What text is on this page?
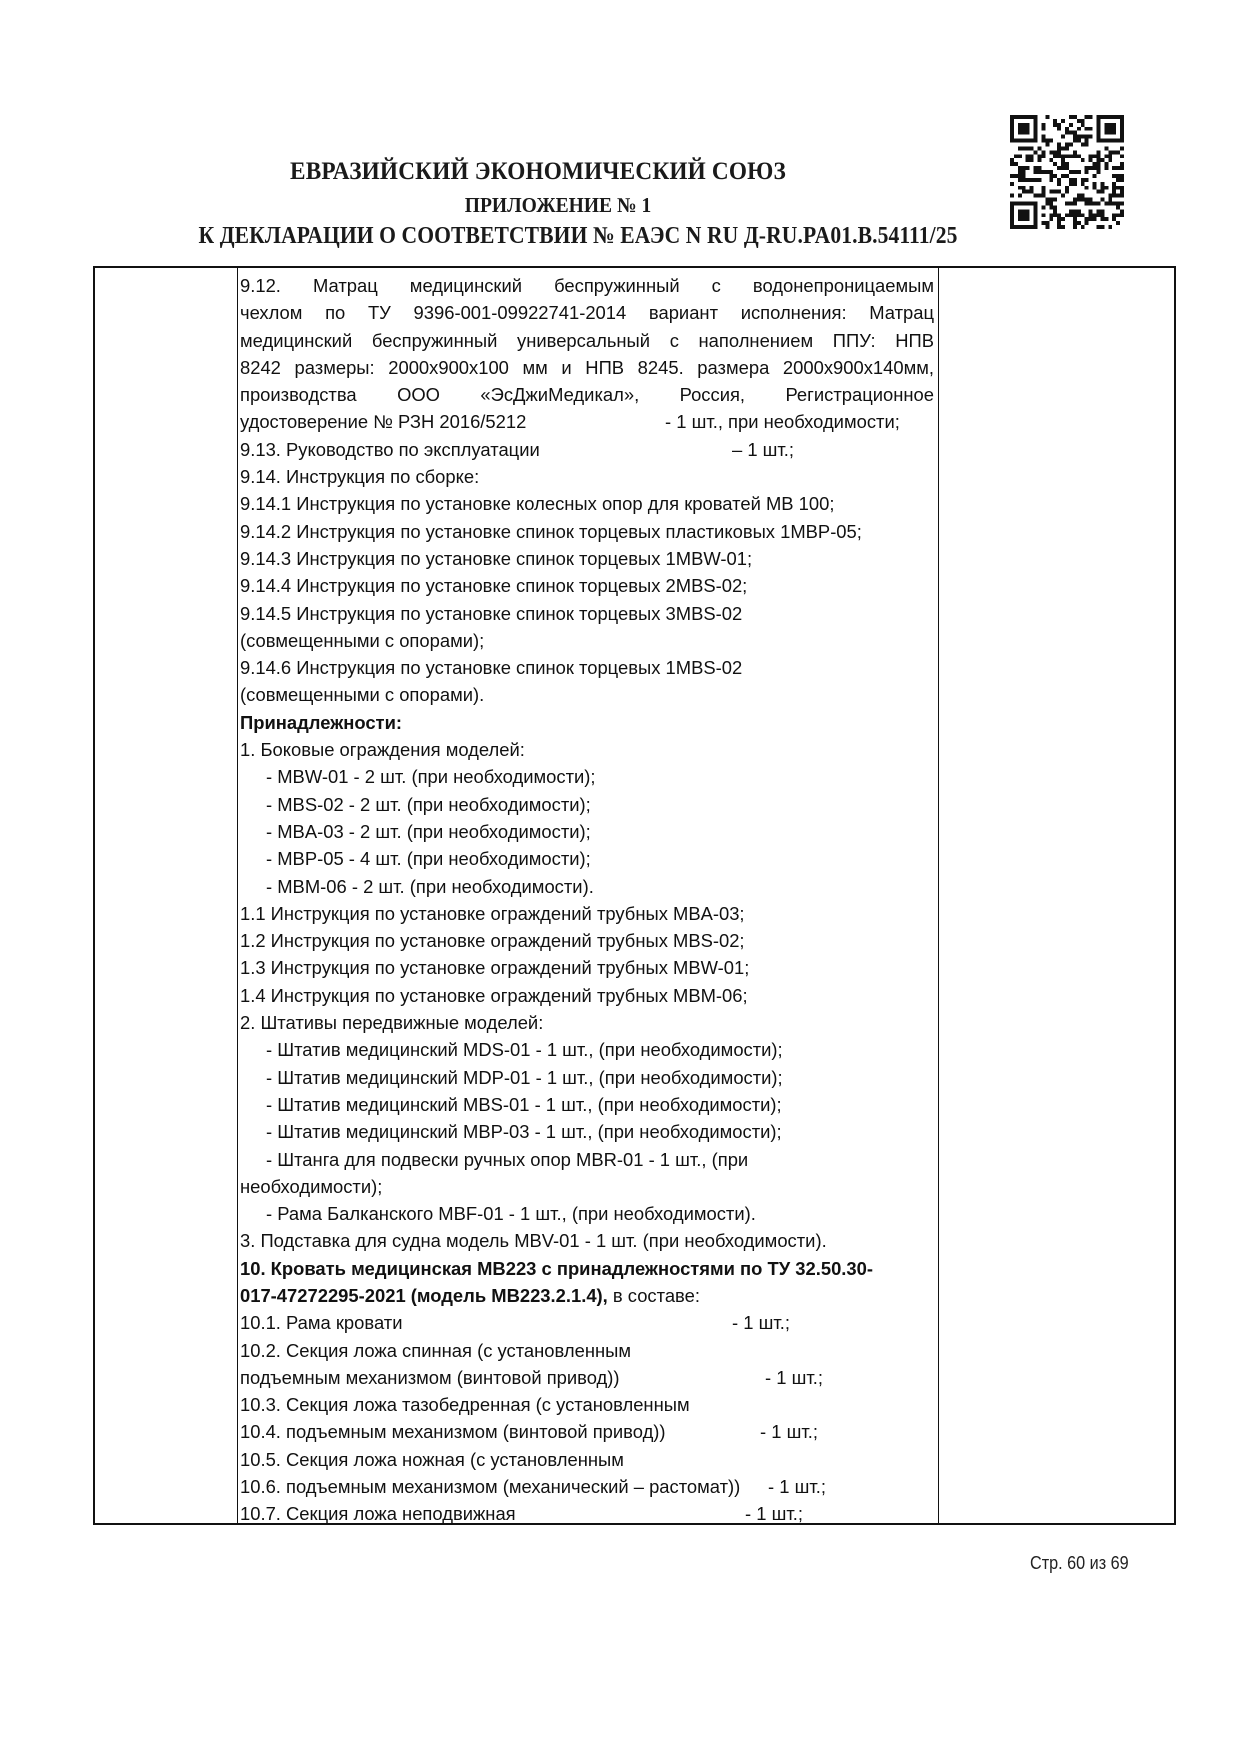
ЕВРАЗИЙСКИЙ ЭКОНОМИЧЕСКИЙ СОЮЗ
ПРИЛОЖЕНИЕ № 1
К ДЕКЛАРАЦИИ О СООТВЕТСТВИИ № ЕАЭС N RU Д-RU.PA01.B.54111/25
9.12. Матрац медицинский беспружинный с водонепроницаемым
чехлом по ТУ 9396-001-09922741-2014 вариант исполнения: Матрац
медицинский беспружинный универсальный с наполнением ППУ: НПВ
8242 размеры: 2000х900х100 мм и НПВ 8245. размера 2000х900х140мм,
производства ООО «ЭсДжиМедикал», Россия, Регистрационное
удостоверение № РЗН 2016/5212	- 1 шт., при необходимости;
9.13. Руководство по эксплуатации	– 1 шт.;
9.14. Инструкция по сборке:
9.14.1 Инструкция по установке колесных опор для кроватей MB 100;
9.14.2 Инструкция по установке спинок торцевых пластиковых 1MBP-05;
9.14.3 Инструкция по установке спинок торцевых 1MBW-01;
9.14.4 Инструкция по установке спинок торцевых 2MBS-02;
9.14.5 Инструкция по установке спинок торцевых 3MBS-02
(совмещенными с опорами);
9.14.6 Инструкция по установке спинок торцевых 1MBS-02
(совмещенными с опорами).
Принадлежности:
1. Боковые ограждения моделей:
- MBW-01 - 2 шт. (при необходимости);
- MBS-02 - 2 шт. (при необходимости);
- MBA-03 - 2 шт. (при необходимости);
- MBP-05 - 4 шт. (при необходимости);
- MBM-06 - 2 шт. (при необходимости).
1.1 Инструкция по установке ограждений трубных MBA-03;
1.2 Инструкция по установке ограждений трубных MBS-02;
1.3 Инструкция по установке ограждений трубных MBW-01;
1.4 Инструкция по установке ограждений трубных MBM-06;
2. Штативы передвижные моделей:
- Штатив медицинский MDS-01 - 1 шт., (при необходимости);
- Штатив медицинский MDP-01 - 1 шт., (при необходимости);
- Штатив медицинский MBS-01 - 1 шт., (при необходимости);
- Штатив медицинский MBP-03 - 1 шт., (при необходимости);
- Штанга для подвески ручных опор MBR-01 - 1 шт., (при
необходимости);
- Рама Балканского MBF-01 - 1 шт., (при необходимости).
3. Подставка для судна модель MBV-01 - 1 шт. (при необходимости).
10. Кровать медицинская MB223 с принадлежностями по ТУ 32.50.30-
017-47272295-2021 (модель MB223.2.1.4), в составе:
10.1. Рама кровати	- 1 шт.;
10.2. Секция ложа спинная (с установленным
подъемным механизмом (винтовой привод))	- 1 шт.;
10.3. Секция ложа тазобедренная (с установленным
10.4. подъемным механизмом (винтовой привод))	- 1 шт.;
10.5. Секция ложа ножная (с установленным
10.6. подъемным механизмом (механический – растомат)) - 1 шт.;
10.7. Секция ложа неподвижная	- 1 шт.;
Стр. 60 из 69
